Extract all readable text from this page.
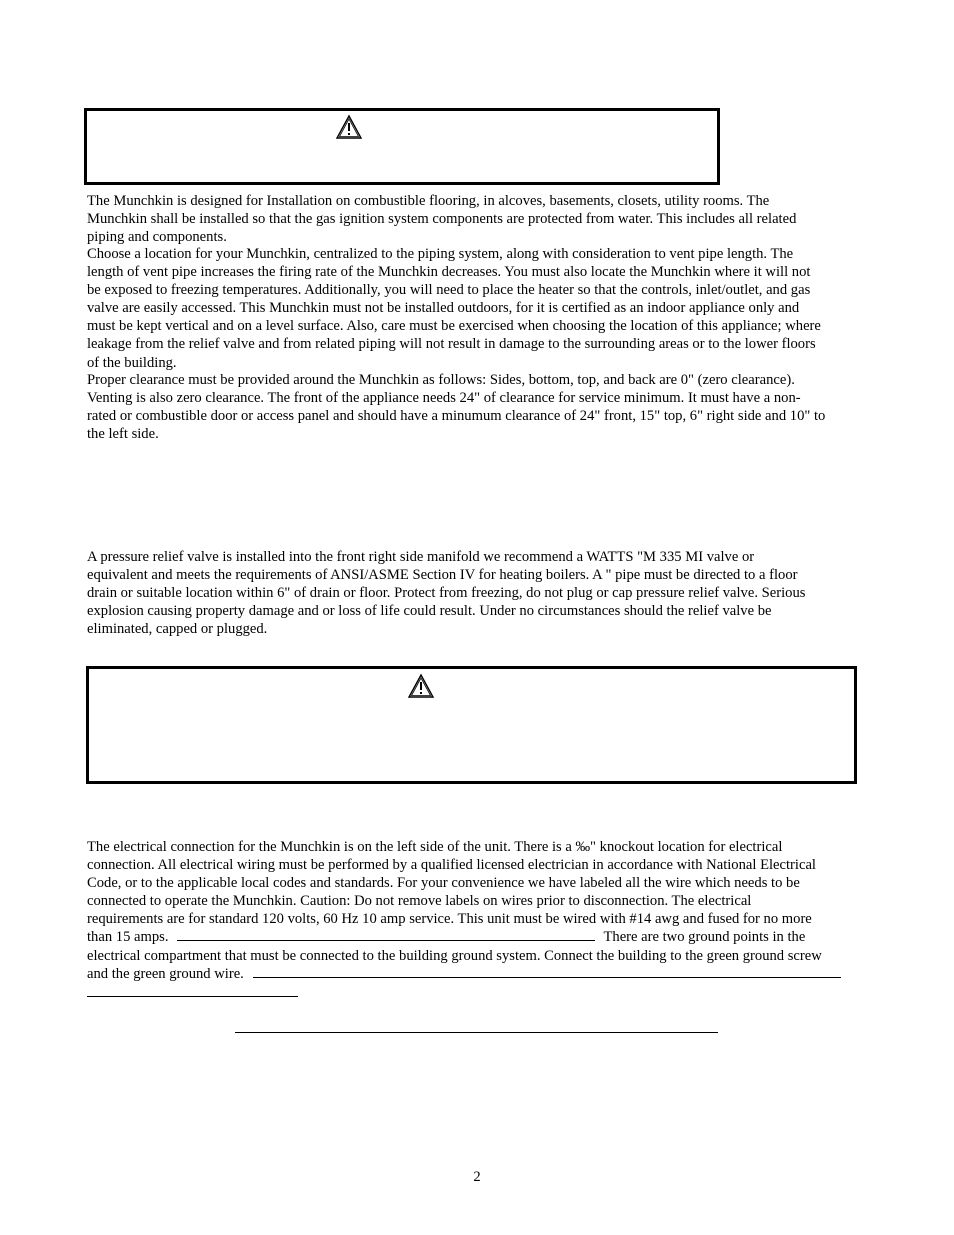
The Munchkin is designed for Installation on combustible flooring, in alcoves, basements, closets, utility rooms. The
Munchkin shall be installed so that the gas ignition system components are protected from water. This includes all related
piping and components.
Choose a location for your Munchkin, centralized to the piping system, along with consideration to vent pipe length. The
length of vent pipe increases the firing rate of the Munchkin decreases. You must also locate the Munchkin where it will not
be exposed to freezing temperatures. Additionally, you will need to place the heater so that the controls, inlet/outlet, and gas
valve are easily accessed. This Munchkin must not be installed outdoors, for it is certified as an indoor appliance only and
must be kept vertical and on a level surface. Also, care must be exercised when choosing the location of this appliance; where
leakage from the relief valve and from related piping will not result in damage to the surrounding areas or to the lower floors
of the building.
Proper clearance must be provided around the Munchkin as follows: Sides, bottom, top, and back are 0" (zero clearance).
Venting is also zero clearance. The front of the appliance needs 24" of clearance for service minimum. It must have a non-
rated or combustible door or access panel and should have a minumum clearance of 24" front, 15" top, 6" right side and 10" to
the left side.
A pressure relief valve is installed into the front right side manifold we recommend a WATTS "M 335 MI valve or
equivalent and meets the requirements of ANSI/ASME Section IV for heating boilers. A " pipe must be directed to a floor
drain or suitable location within 6" of drain or floor. Protect from freezing, do not plug or cap pressure relief valve. Serious
explosion causing property damage and or loss of life could result. Under no circumstances should the relief valve be
eliminated, capped or plugged.
The electrical connection for the Munchkin is on the left side of the unit. There is a ‰" knockout location for electrical
connection. All electrical wiring must be performed by a qualified licensed electrician in accordance with National Electrical
Code, or to the applicable local codes and standards. For your convenience we have labeled all the wire which needs to be
connected to operate the Munchkin. Caution: Do not remove labels on wires prior to disconnection. The electrical
requirements are for standard 120 volts, 60 Hz 10 amp service. This unit must be wired with #14 awg and fused for no more
than 15 amps.	There are two ground points in the
electrical compartment that must be connected to the building ground system. Connect the building to the green ground screw
and the green ground wire.
2
